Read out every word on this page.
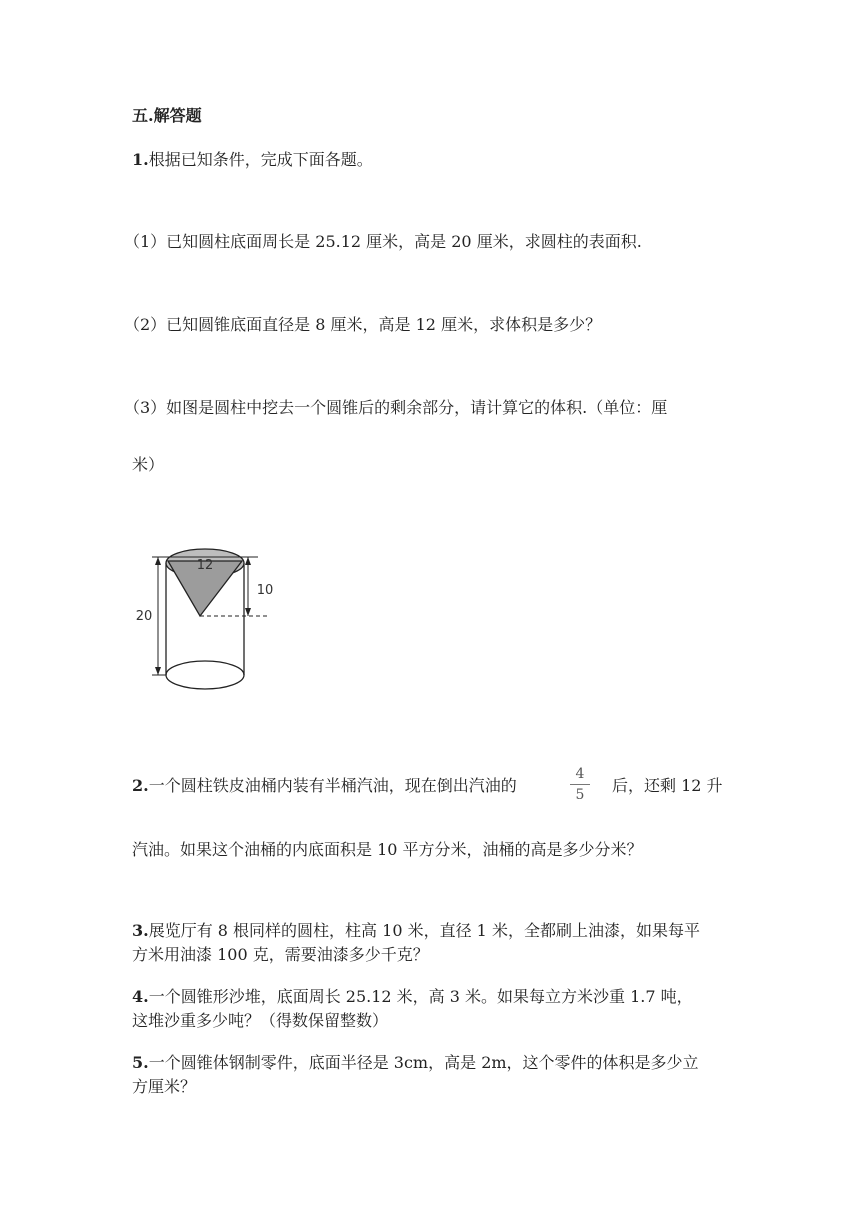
五.解答题
1.根据已知条件，完成下面各题。
（1）已知圆柱底面周长是 25.12 厘米，高是 20 厘米，求圆柱的表面积.
（2）已知圆锥底面直径是 8 厘米，高是 12 厘米，求体积是多少？
（3）如图是圆柱中挖去一个圆锥后的剩余部分，请计算它的体积.（单位：厘
米）
12
10
20
2.一个圆柱铁皮油桶内装有半桶汽油，现在倒出汽油的
4
5	后，还剩 12 升
汽油。如果这个油桶的内底面积是 10 平方分米，油桶的高是多少分米？
3.展览厅有 8 根同样的圆柱，柱高 10 米，直径 1 米，全都刷上油漆，如果每平
方米用油漆 100 克，需要油漆多少千克？
4.一个圆锥形沙堆，底面周长 25.12 米，高 3 米。如果每立方米沙重 1.7 吨，
这堆沙重多少吨？（得数保留整数）
5.一个圆锥体钢制零件，底面半径是 3cm，高是 2m，这个零件的体积是多少立
方厘米？
